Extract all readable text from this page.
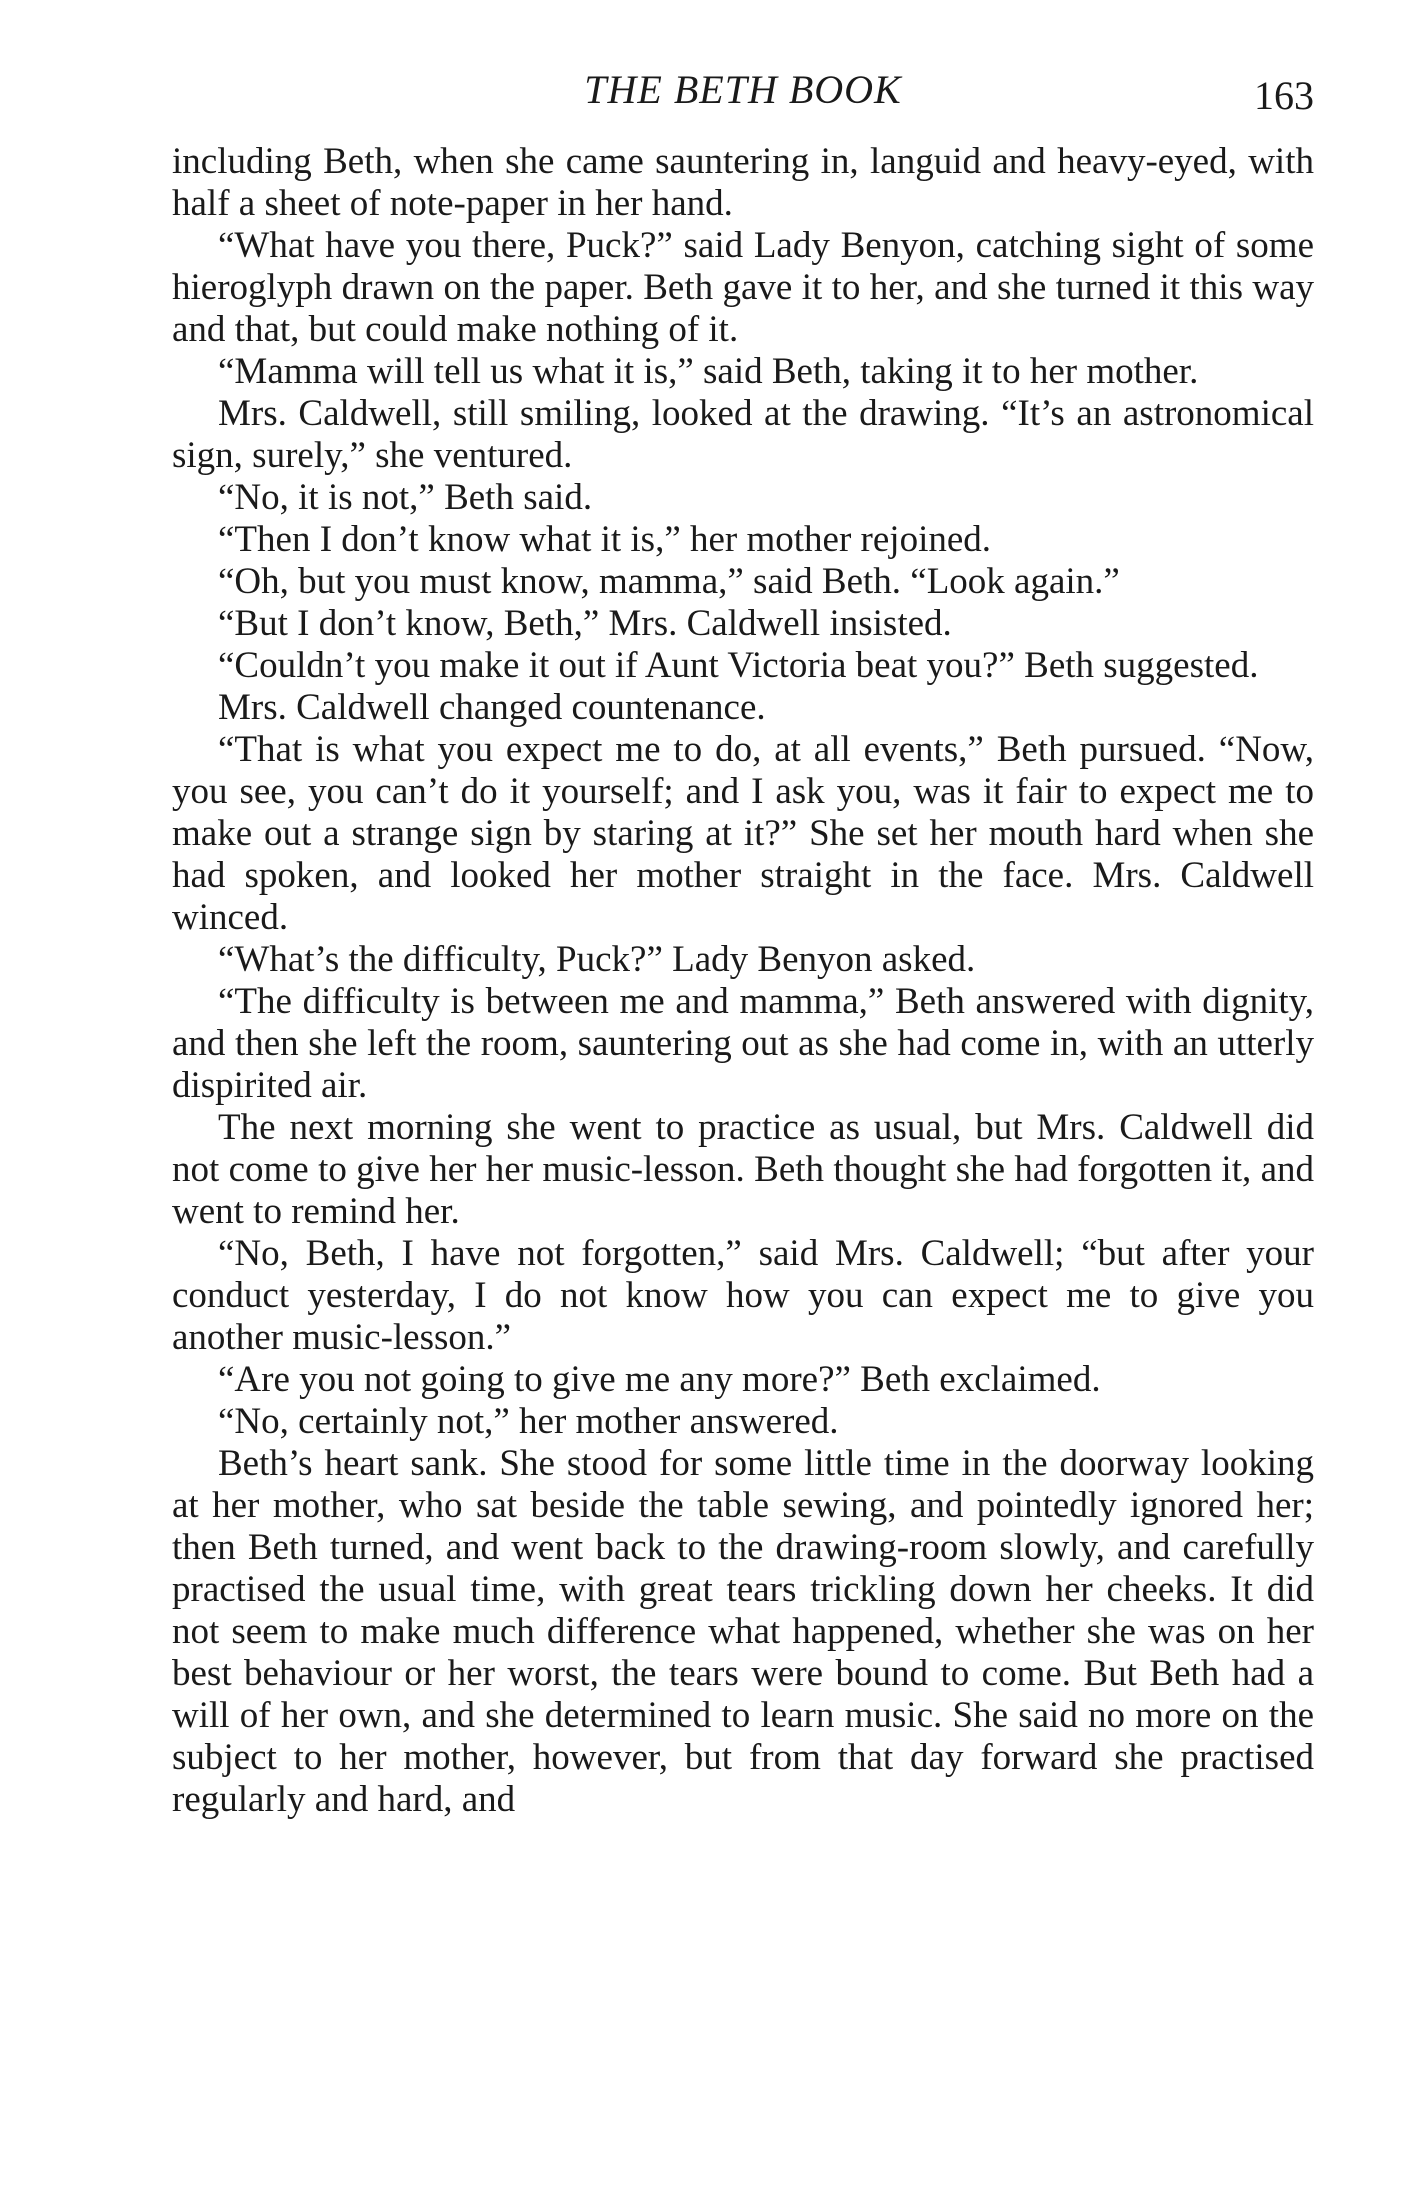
THE BETH BOOK	163

including Beth, when she came sauntering in, languid and heavy-eyed, with half a sheet of note-paper in her hand.

“What have you there, Puck?” said Lady Benyon, catching sight of some hieroglyph drawn on the paper. Beth gave it to her, and she turned it this way and that, but could make nothing of it.

“Mamma will tell us what it is,” said Beth, taking it to her mother.

Mrs. Caldwell, still smiling, looked at the drawing. “It’s an astronomical sign, surely,” she ventured.

“No, it is not,” Beth said.

“Then I don’t know what it is,” her mother rejoined.

“Oh, but you must know, mamma,” said Beth. “Look again.”

“But I don’t know, Beth,” Mrs. Caldwell insisted.

“Couldn’t you make it out if Aunt Victoria beat you?” Beth suggested.

Mrs. Caldwell changed countenance.

“That is what you expect me to do, at all events,” Beth pursued. “Now, you see, you can’t do it yourself; and I ask you, was it fair to expect me to make out a strange sign by staring at it?” She set her mouth hard when she had spoken, and looked her mother straight in the face. Mrs. Caldwell winced.

“What’s the difficulty, Puck?” Lady Benyon asked.

“The difficulty is between me and mamma,” Beth answered with dignity, and then she left the room, sauntering out as she had come in, with an utterly dispirited air.

The next morning she went to practice as usual, but Mrs. Caldwell did not come to give her her music-lesson. Beth thought she had forgotten it, and went to remind her.

“No, Beth, I have not forgotten,” said Mrs. Caldwell; “but after your conduct yesterday, I do not know how you can expect me to give you another music-lesson.”

“Are you not going to give me any more?” Beth exclaimed.

“No, certainly not,” her mother answered.

Beth’s heart sank. She stood for some little time in the doorway looking at her mother, who sat beside the table sewing, and pointedly ignored her; then Beth turned, and went back to the drawing-room slowly, and carefully practised the usual time, with great tears trickling down her cheeks. It did not seem to make much difference what happened, whether she was on her best behaviour or her worst, the tears were bound to come. But Beth had a will of her own, and she determined to learn music. She said no more on the subject to her mother, however, but from that day forward she practised regularly and hard, and
